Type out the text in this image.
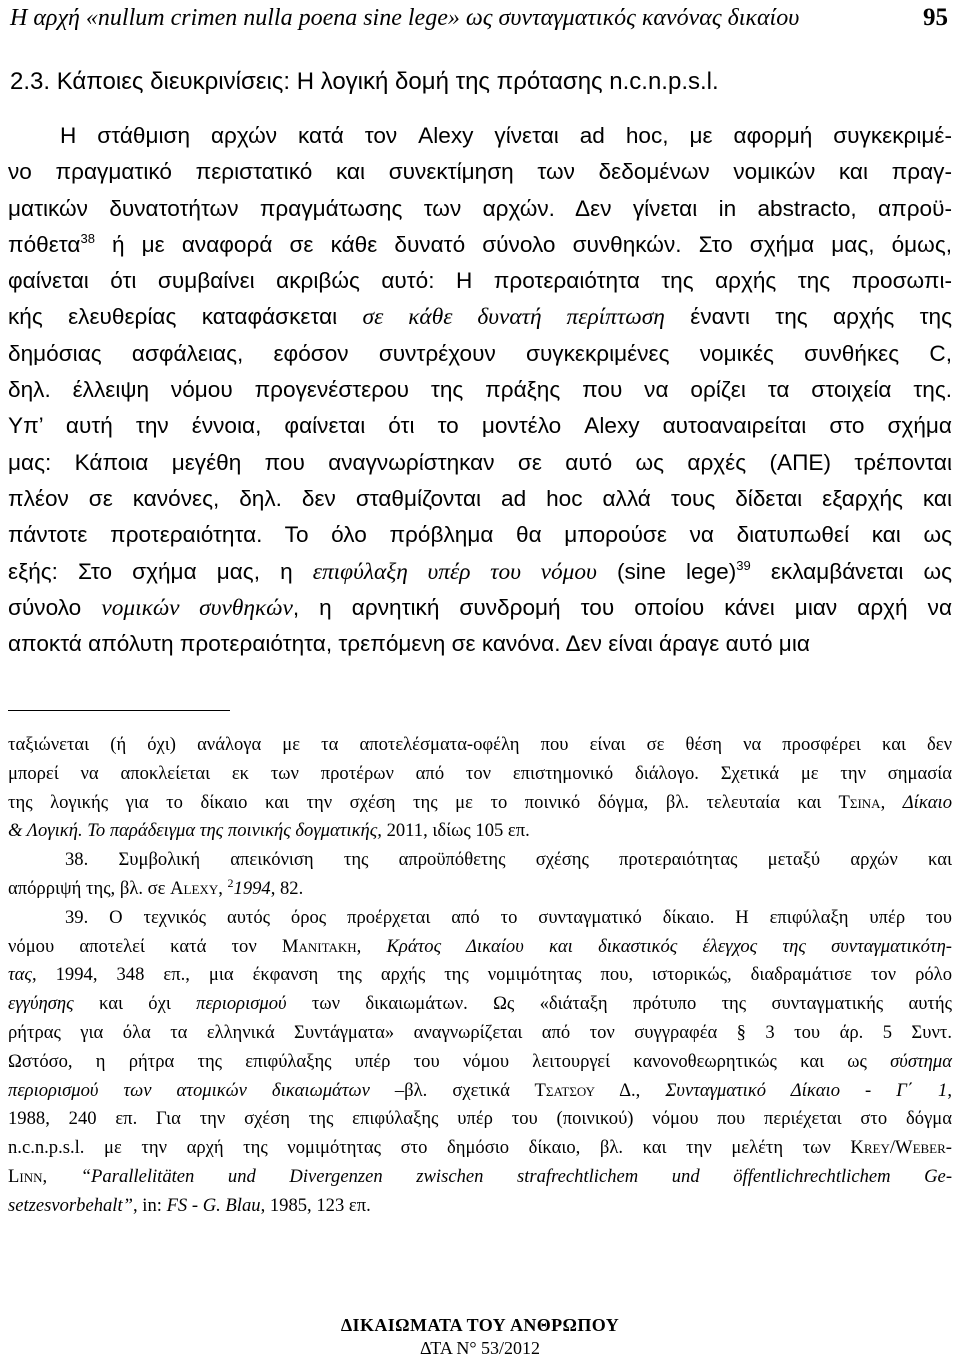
Η αρχή «nullum crimen nulla poena sine lege» ως συνταγματικός κανόνας δικαίου	95
2.3. Κάποιες διευκρινίσεις: Η λογική δομή της πρότασης n.c.n.p.s.l.
Η στάθμιση αρχών κατά τον Alexy γίνεται ad hoc, με αφορμή συγκεκριμέ-
νο πραγματικό περιστατικό και συνεκτίμηση των δεδομένων νομικών και πραγ-
ματικών δυνατοτήτων πραγμάτωσης των αρχών. Δεν γίνεται in abstracto, απροϋ-
πόθετα$^{38}$ ή με αναφορά σε κάθε δυνατό σύνολο συνθηκών. Στο σχήμα μας, όμως,
φαίνεται ότι συμβαίνει ακριβώς αυτό: Η προτεραιότητα της αρχής της προσωπι-
κής ελευθερίας καταφάσκεται σε κάθε δυνατή περίπτωση έναντι της αρχής της
δημόσιας ασφάλειας, εφόσον συντρέχουν συγκεκριμένες νομικές συνθήκες C,
δηλ. έλλειψη νόμου προγενέστερου της πράξης που να ορίζει τα στοιχεία της.
Υπ’ αυτή την έννοια, φαίνεται ότι το μοντέλο Alexy αυτοαναιρείται στο σχήμα
μας: Κάποια μεγέθη που αναγνωρίστηκαν σε αυτό ως αρχές (ΑΠΕ) τρέπονται
πλέον σε κανόνες, δηλ. δεν σταθμίζονται ad hoc αλλά τους δίδεται εξαρχής και
πάντοτε προτεραιότητα. Το όλο πρόβλημα θα μπορούσε να διατυπωθεί και ως
εξής: Στο σχήμα μας, η επιφύλαξη υπέρ του νόμου (sine lege)$^{39}$ εκλαμβάνεται ως
σύνολο νομικών συνθηκών, η αρνητική συνδρομή του οποίου κάνει μιαν αρχή να
αποκτά απόλυτη προτεραιότητα, τρεπόμενη σε κανόνα. Δεν είναι άραγε αυτό μια
ταξιώνεται (ή όχι) ανάλογα με τα αποτελέσματα-οφέλη που είναι σε θέση να προσφέρει και δεν
μπορεί να αποκλείεται εκ των προτέρων από τον επιστημονικό διάλογο. Σχετικά με την σημασία
της λογικής για το δίκαιο και την σχέση της με το ποινικό δόγμα, βλ. τελευταία και Τσινα, Δίκαιο
& Λογική. Το παράδειγμα της ποινικής δογματικής, 2011, ιδίως 105 επ.
38. Συμβολική απεικόνιση της απροϋπόθετης σχέσης προτεραιότητας μεταξύ αρχών και
απόρριψή της, βλ. σε Alexy, $^2$1994, 82.
39. Ο τεχνικός αυτός όρος προέρχεται από το συνταγματικό δίκαιο. Η επιφύλαξη υπέρ του
νόμου αποτελεί κατά τον Μανιτακη, Κράτος Δικαίου και δικαστικός έλεγχος της συνταγματικότη-
τας, 1994, 348 επ., μια έκφανση της αρχής της νομιμότητας που, ιστορικώς, διαδραμάτισε τον ρόλο
εγγύησης και όχι περιορισμού των δικαιωμάτων. Ως «διάταξη πρότυπο της συνταγματικής αυτής
ρήτρας για όλα τα ελληνικά Συντάγματα» αναγνωρίζεται από τον συγγραφέα § 3 του άρ. 5 Συντ.
Ωστόσο, η ρήτρα της επιφύλαξης υπέρ του νόμου λειτουργεί κανονοθεωρητικώς και ως σύστημα
περιορισμού των ατομικών δικαιωμάτων –βλ. σχετικά Τσατσου Δ., Συνταγματικό Δίκαιο - Γ΄ 1,
1988, 240 επ. Για την σχέση της επιφύλαξης υπέρ του (ποινικού) νόμου που περιέχεται στο δόγμα
n.c.n.p.s.l. με την αρχή της νομιμότητας στο δημόσιο δίκαιο, βλ. και την μελέτη των Krey/Weber-
Linn, “Parallelitäten und Divergenzen zwischen strafrechtlichem und öffentlichrechtlichem Ge-
setzesvorbehalt”, in: FS - G. Blau, 1985, 123 επ.
ΔΙΚΑΙΩΜΑΤΑ ΤΟΥ ΑΝΘΡΩΠΟΥ
ΔΤΑ Ν° 53/2012
